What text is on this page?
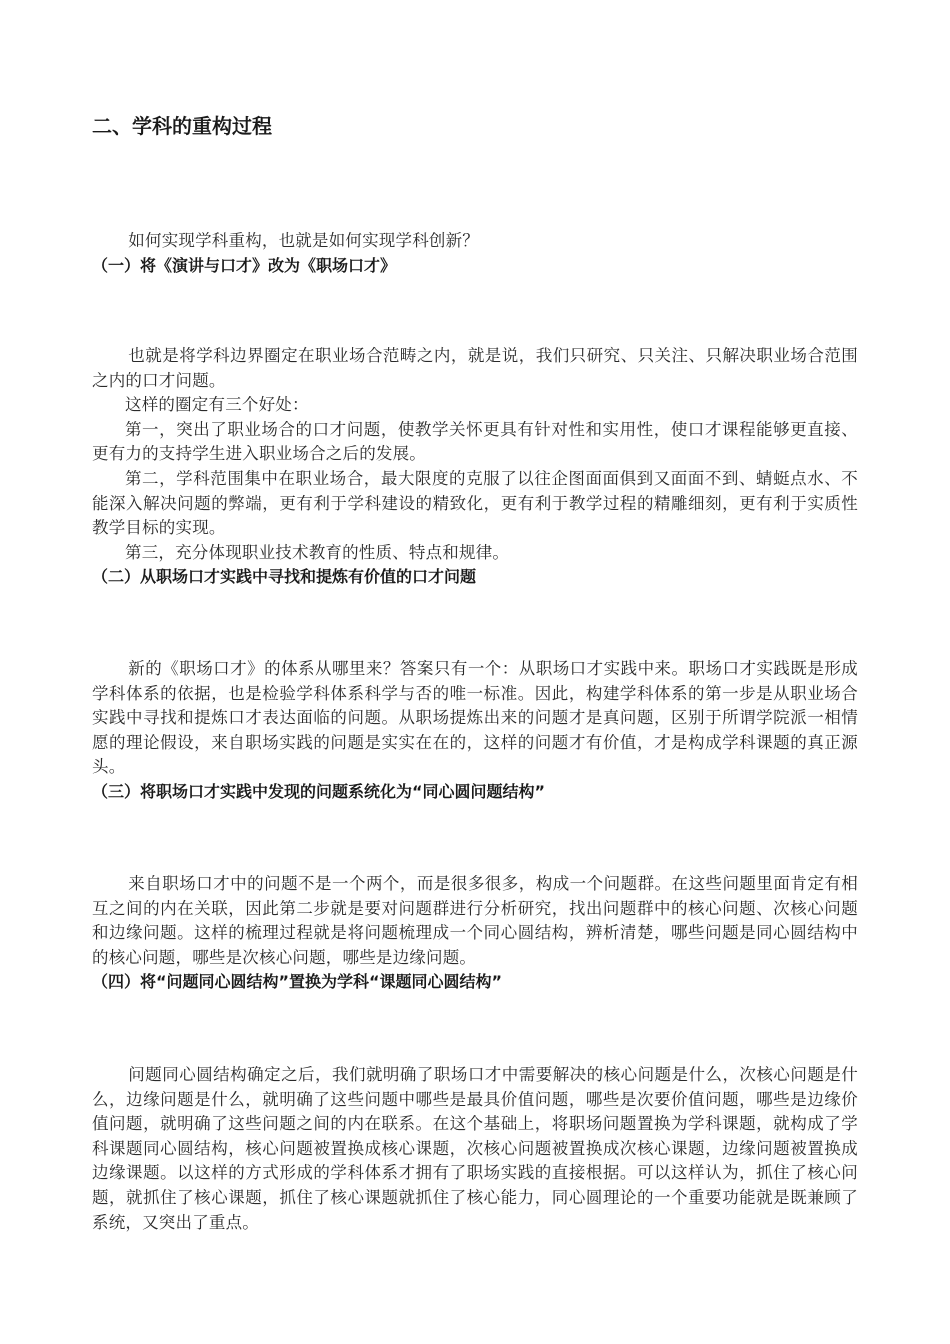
二、学科的重构过程

如何实现学科重构，也就是如何实现学科创新？

（一）将《演讲与口才》改为《职场口才》

也就是将学科边界圈定在职业场合范畴之内，就是说，我们只研究、只关注、只解决职业场合范围之内的口才问题。

这样的圈定有三个好处：

第一，突出了职业场合的口才问题，使教学关怀更具有针对性和实用性，使口才课程能够更直接、更有力的支持学生进入职业场合之后的发展。

第二，学科范围集中在职业场合，最大限度的克服了以往企图面面俱到又面面不到、蜻蜓点水、不能深入解决问题的弊端，更有利于学科建设的精致化，更有利于教学过程的精雕细刻，更有利于实质性教学目标的实现。

第三，充分体现职业技术教育的性质、特点和规律。

（二）从职场口才实践中寻找和提炼有价值的口才问题

新的《职场口才》的体系从哪里来？答案只有一个：从职场口才实践中来。职场口才实践既是形成学科体系的依据，也是检验学科体系科学与否的唯一标准。因此，构建学科体系的第一步是从职业场合实践中寻找和提炼口才表达面临的问题。从职场提炼出来的问题才是真问题，区别于所谓学院派一相情愿的理论假设，来自职场实践的问题是实实在在的，这样的问题才有价值，才是构成学科课题的真正源头。

（三）将职场口才实践中发现的问题系统化为“同心圆问题结构”

来自职场口才中的问题不是一个两个，而是很多很多，构成一个问题群。在这些问题里面肯定有相互之间的内在关联，因此第二步就是要对问题群进行分析研究，找出问题群中的核心问题、次核心问题和边缘问题。这样的梳理过程就是将问题梳理成一个同心圆结构，辨析清楚，哪些问题是同心圆结构中的核心问题，哪些是次核心问题，哪些是边缘问题。

（四）将“问题同心圆结构”置换为学科“课题同心圆结构”

问题同心圆结构确定之后，我们就明确了职场口才中需要解决的核心问题是什么，次核心问题是什么，边缘问题是什么，就明确了这些问题中哪些是最具价值问题，哪些是次要价值问题，哪些是边缘价值问题，就明确了这些问题之间的内在联系。在这个基础上，将职场问题置换为学科课题，就构成了学科课题同心圆结构，核心问题被置换成核心课题，次核心问题被置换成次核心课题，边缘问题被置换成边缘课题。以这样的方式形成的学科体系才拥有了职场实践的直接根据。可以这样认为，抓住了核心问题，就抓住了核心课题，抓住了核心课题就抓住了核心能力，同心圆理论的一个重要功能就是既兼顾了系统，又突出了重点。
